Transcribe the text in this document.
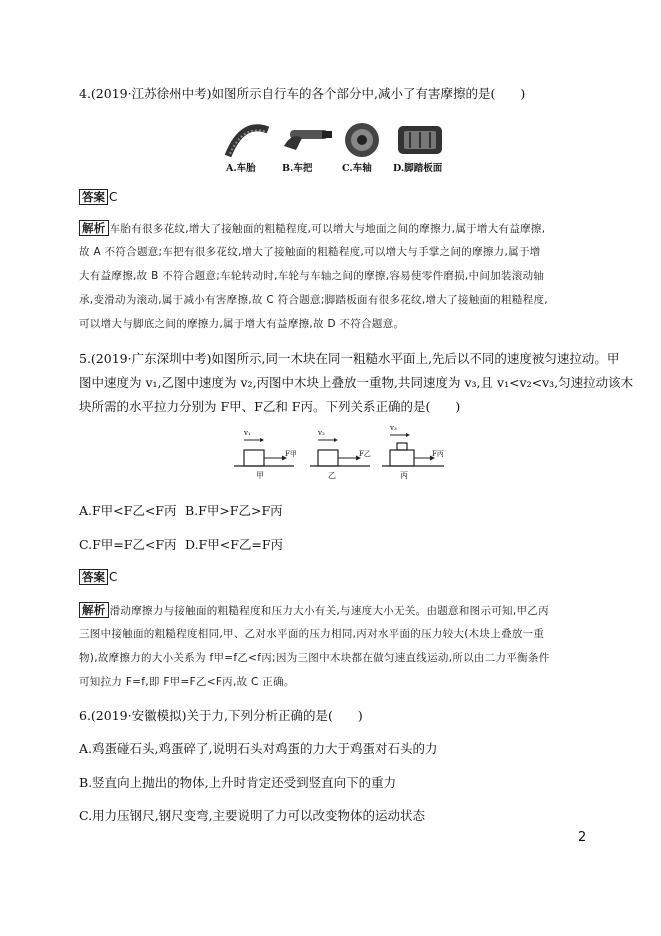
4.(2019·江苏徐州中考)如图所示自行车的各个部分中,减小了有害摩擦的是(　　)
A.车胎	B.车把	C.车轴 D.脚踏板面
答案 C
解析 车胎有很多花纹,增大了接触面的粗糙程度,可以增大与地面之间的摩擦力,属于增大有益摩擦,
故 A 不符合题意;车把有很多花纹,增大了接触面的粗糙程度,可以增大与手掌之间的摩擦力,属于增
大有益摩擦,故 B 不符合题意;车轮转动时,车轮与车轴之间的摩擦,容易使零件磨损,中间加装滚动轴
承,变滑动为滚动,属于减小有害摩擦,故 C 符合题意;脚踏板面有很多花纹,增大了接触面的粗糙程度,
可以增大与脚底之间的摩擦力,属于增大有益摩擦,故 D 不符合题意。
5.(2019·广东深圳中考)如图所示,同一木块在同一粗糙水平面上,先后以不同的速度被匀速拉动。甲
图中速度为 v₁,乙图中速度为 v₂,丙图中木块上叠放一重物,共同速度为 v₃,且 v₁<v₂<v₃,匀速拉动该木
块所需的水平拉力分别为 F甲、F乙和 F丙。下列关系正确的是(　　)
v₁	v₂
v₃
F甲	F乙	F丙
甲	乙	丙
A.F甲<F乙<F丙 B.F甲>F乙>F丙
C.F甲=F乙<F丙 D.F甲<F乙=F丙
答案 C
解析 滑动摩擦力与接触面的粗糙程度和压力大小有关,与速度大小无关。由题意和图示可知,甲乙丙
三图中接触面的粗糙程度相同,甲、乙对水平面的压力相同,丙对水平面的压力较大(木块上叠放一重
物),故摩擦力的大小关系为 f甲=f乙<f丙;因为三图中木块都在做匀速直线运动,所以由二力平衡条件
可知拉力 F=f,即 F甲=F乙<F丙,故 C 正确。
6.(2019·安徽模拟)关于力,下列分析正确的是(　　)
A.鸡蛋碰石头,鸡蛋碎了,说明石头对鸡蛋的力大于鸡蛋对石头的力
B.竖直向上抛出的物体,上升时肯定还受到竖直向下的重力
C.用力压钢尺,钢尺变弯,主要说明了力可以改变物体的运动状态
2
